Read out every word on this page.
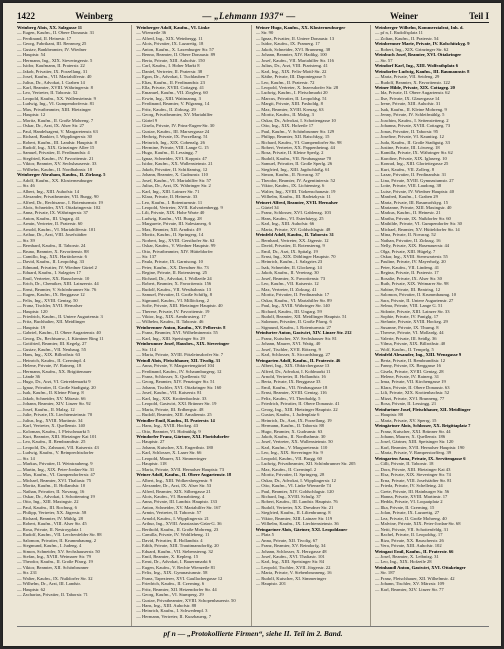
1422	Weinberg	— „Lehmann 1937“ —	Weiner	Teil I
Weinberg Alois, XX. Salzgasse 11
— Eugen, Kaufm., II. Obere Donaustr. 31
— Ferdinand, II. Heinestr. 17
— Georg, Fabrikant, III. Rennweg 25
— Gustav, Bankbeamter, IV. Wiedner
— Hauptstr. 54
— Hermann, Ing., XIX. Sieveringerstr. 5
— Isidor, Kaufmann, II. Praterstr. 22
— Jakob, Privatier, IX. Porzellang. 31
— Josef, Kaufm., VII. Mariahilferstr. 40
— Julius, Dr., Advokat, I. Graben 14
— Karl, Beamter, XVIII. Währingerstr. 8
— Leo, Vertreter, II. Taborstr. 52
— Leopold, Kaufm., XX. Wallensteinstr. 9
— Ludwig, Ing., VI. Gumpendorferstr. 81
— Max, Privatbeamter, XIII. Hietzinger
— Hauptstr. 12
— Moritz, Kaufm., II. Große Mohreng. 7
— Oskar, Dr., Arzt, IX. Alser Str. 27
— Paul, Handelsagent, V. Margaretenstr. 63
— Richard, Bankier, I. Wipplingerstr. 30
— Robert, Kaufm., III. Landstr. Hauptstr. 8
— Rudolf, Ing., XIX. Grinzinger Allee 15
— Samuel, Privatier, II. Ferdinandstr. 4
— Siegfried, Kaufm., IV. Favoritenstr. 21
— Viktor, Beamter, XV. Sechshauserstr. 33
— Wilhelm, Kaufm., II. Nordbahnstr. 18
Weinberger Abraham, Kaufm., II. Zirkusg. 5
— Adolf, Kaufm., XX. Klosterneuburger
— Str. 46
— Albert, Ing., XIII. Auhofstr. 14
— Alexander, Privatbeamter, VII. Burgg. 90
— Alfred, Dr., Rechtsanw., I. Rotenturmstr. 19
— Alois, Schneider, XVI. Ottakringerstr. 102
— Anna, Private, IX. Währingerstr. 37
— Anton, Kaufm., III. Ungarg. 41
— Armin, Vertreter, II. Praterstr. 60
— Arnold, Kaufm., VI. Mariahilferstr. 101
— Arthur, Dr., Arzt, VIII. Josefstädter
— Str. 39
— Bernhard, Kaufm., II. Taborstr. 24
— Bruno, Beamter, X. Favoritenstr. 88
— Camillo, Ing., XIX. Hartäckerstr. 6
— David, Kaufm., II. Leopoldsg. 33
— Edmund, Privatier, IV. Wiedner Gürtel 2
— Eduard, Kaufm., I. Salzgries 17
— Emil, Vertreter, XX. Rauscherstr. 10
— Erich, Dr., Chemiker, XIII. Lainzerstr. 44
— Ernst, Beamter, V. Schönbrunner Str. 76
— Eugen, Kaufm., IX. Berggasse 12
— Felix, Ing., XVIII. Gentzg. 50
— Franz, Tischler, XVII. Hernalser
— Hauptstr. 120
— Friedrich, Kaufm., II. Untere Augartenstr. 3
— Fritz, Buchhalter, XII. Meidlinger
— Hauptstr. 19
— Gabriel, Kaufm., II. Obere Augartenstr. 40
— Georg, Dr., Rechtsanw., I. Kärntner Ring 11
— Gottfried, Beamter, III. Kegelg. 27
— Gustav, Kaufm., VII. Neubaug. 55
— Hans, Ing., XIX. Billrothstr. 63
— Heinrich, Kaufm., II. Czerninpl. 4
— Helene, Private, IV. Rainerg. 18
— Hermann, Kaufm., XX. Brigittenauer
— Lände 36
— Hugo, Dr., Arzt, VI. Getreidemarkt 9
— Ignaz, Privatier, II. Große Stadtgutg. 20
— Isak, Kaufm., II. Kleine Pfarrg. 8
— Jakob, Schneider, XV. Märzstr. 66
— Johann, Beamter, XIV. Linzer Str. 92
— Josef, Kaufm., II. Malzg. 12
— Julie, Private, IX. Liechtensteinstr. 70
— Julius, Ing., XVIII. Martinstr. 34
— Karl, Vertreter, X. Quellenstr. 140
— Koloman, Kaufm., I. Fleischmarkt 5
— Kurt, Beamter, XIII. Hietzinger Kai 101
— Leo, Kaufm., II. Rembrandtstr. 25
— Leopold, Dr., Zahnarzt, VII. Kaiserstr. 43
— Ludwig, Kaufm., V. Reinprechtsdorfer
— Str. 14
— Markus, Privatier, II. Weintraubeng. 9
— Martin, Ing., XIX. Peter-Jordan-Str. 31
— Max, Kaufm., VI. Gumpendorferstr. 47
— Michael, Beamter, XVI. Thaliastr. 75
— Moritz, Kaufm., II. Hollandstr. 10
— Nathan, Privatier, II. Novarag. 16
— Oskar, Dr., Advokat, I. Schottenring 19
— Otto, Ing., XIII. Maxingstr. 22
— Paul, Kaufm., III. Rochusg. 6
— Philipp, Vertreter, XX. Jägerstr. 58
— Richard, Beamter, IV. Mühlg. 28
— Robert, Kaufm., VIII. Alser Str. 45
— Rosa, Private, II. Nestroyplatz 1
— Rudolf, Kaufm., VII. Lerchenfelder Str. 88
— Salomon, Privatier, II. Krummbaumg. 2
— Siegmund, Kaufm., I. Judeng. 4
— Simon, Schneider, XV. Sechshauserstr. 50
— Stefan, Ing., XVIII. Weimarer Str. 79
— Theodor, Kaufm., II. Große Pfarrg. 19
— Viktor, Beamter, XII. Schönbrunner
— Str. 231
— Walter, Kaufm., IX. Nußdorfer Str. 32
— Wilhelm, Dr., Arzt, III. Landstr.
— Hauptstr. 62
— Zacharias, Privatier, II. Taborstr. 71
Weinberger Adolf, Kaufm., VI. Linke
— Wienzeile 36
— Alfred, Ing., XIX. Weinbergg. 11
— Alois, Privatier, IX. Lazarettg. 18
— Anton, Kaufm., X. Laxenburger Str. 57
— Benno, Beamter, II. Obere Donaustr. 89
— Berta, Private, XIII. Auhofstr. 150
— Carl, Kaufm., I. Hoher Markt 8
— Daniel, Vertreter, II. Praterstr. 38
— Egon, Dr., Advokat, I. Tuchlauben 7
— Elias, Kaufm., II. Ferdinandstr. 23
— Ella, Private, XVIII. Cottageg. 41
— Emanuel, Kaufm., VII. Zieglerg. 60
— Erwin, Ing., XIII. Wattmanng. 3
— Ferdinand, Beamter, V. Pilgramg. 14
— Fritz, Kaufm., II. Zirkusg. 29
— Georg, Privatbeamter, XV. Mariahilfer
— Gürtel 9
— Gisela, Private, IV. Prinz-Eugen-Str. 30
— Gustav, Kaufm., III. Marxergasse 24
— Hedwig, Private, IX. Porzellang. 51
— Heinrich, Ing., XIX. Cobenzlg. 26
— Hermine, Private, VIII. Lange G. 15
— Hugo, Kaufm., II. Lessingg. 7
— Ignaz, Schneider, XVI. Koppstr. 47
— Isidor, Kaufm., XX. Wallensteinstr. 21
— Jakob, Privatier, II. Schiffamtsg. 12
— Johann, Beamter, X. Gudrunstr. 110
— Josef, Kaufm., VI. Mariahilfer Str. 57
— Julius, Dr., Arzt, IX. Währinger Str. 2
— Karl, Ing., XIII. Lainzer Str. 71
— Klara, Private, II. Heinestr. 33
— Leo, Kaufm., I. Rotenturmstr. 11
— Leopold, Vertreter, XVII. Kalvarienbergg. 9
— Lili, Private, XIX. Hohe Warte 40
— Ludwig, Kaufm., VII. Burgg. 28
— Margarete, Private, III. Salesianerg. 6
— Max, Beamter, XII. Arndtstr. 49
— Moritz, Kaufm., II. Springerg. 14
— Norbert, Ing., XVIII. Gersthofer Str. 62
— Oskar, Kaufm., V. Wiedner Hauptstr. 99
— Otto, Privatbeamter, XIV. Hütteldorfer
— Str. 137
— Paula, Private, IX. Garnisong. 10
— Peter, Kaufm., XX. Dresdner Str. 73
— Regine, Private, II. Rotensterng. 25
— Richard, Dr., Advokat, I. Wollzeile 24
— Robert, Beamter, X. Favoritenstr. 156
— Rudolf, Kaufm., VII. Westbahnstr. 13
— Samuel, Privatier, II. Große Schiffg. 8
— Sigmund, Kaufm., VI. Millöckerg. 2
— Sofie, Private, XIII. Hietzinger Hauptstr. 40
— Therese, Private, IV. Favoritenstr. 19
— Viktor, Ing., XIX. Armbrusterg. 17
— Wilhelm, Kaufm., II. Taborstr. 46
Weinbrenner Anton, Kaufm., XV. Felberstr. 8
— Franz, Beamter, XVI. Wilhelminenstr. 55
— Karl, Ing., XIII. Speisinger Str. 29
Weinbrunner Josef, Hausbes., XIX. Sieveringer
— Str. 114
— Maria, Private, XVIII. Pötzleinsdorfer Str. 7
Weindl Alois, Fleischhauer, XII. Tivolig. 31
— Anna, Private, V. Margaretengürtel 104
— Ferdinand, Kaufm., IV. Schaumburgerg. 12
— Franz, Schlosser, X. Quellenstr. 92
— Georg, Beamter, XIV. Penzinger Str. 51
— Johann, Tischler, XVI. Ottakringer Str. 160
— Josef, Kaufm., VII. Kaiserstr. 81
— Karl, Ing., XIX. Krottenbachstr. 33
— Leopold, Gastwirt, XXI. Brünner Str. 19
— Maria, Private, III. Erdbergstr. 48
— Rudolf, Beamter, XIII. Amalienstr. 25
Weindler Emil, Kaufm., II. Praterstr. 14
— Hans, Ing., XVIII. Hockeg. 43
— Otto, Beamter, VI. Hofmühlg. 9
Weindorfer Franz, Gärtner, XXI. Floridsdorfer
— Hauptstr. 27
— Johann, Kutscher, XX. Engerthstr. 180
— Karl, Schlosser, X. Laaer Str. 66
— Leopold, Maurer, XI. Simmeringer
— Hauptstr. 118
— Maria, Private, XVII. Hernalser Hauptstr. 73
Weiner Adolf, Kaufm., II. Obere Augartenstr. 18
— Albert, Ing., XIII. Wolkersbergenstr. 9
— Alexander, Dr., Arzt, IX. Alser Str. 53
— Alfred, Beamter, XIX. Silbergasse 21
— Alois, Kaufm., VI. Barnabiteng. 4
— Anna, Private, III. Landstr. Hauptstr. 133
— Anton, Schneider, XV. Mariahilfer Str. 167
— Armin, Vertreter, II. Taborstr. 57
— Arnold, Kaufm., I. Wipplingerstr. 21
— Arthur, Ing., XVIII. Anastasius-Grün-G. 36
— Berthold, Kaufm., II. Große Mohreng. 23
— Camilla, Private, IV. Wohllebeng. 11
— David, Privatier, II. Hollandstr. 4
— Edith, Private, XIII. Trauttmansdorffg. 20
— Eduard, Kaufm., VII. Siebensterng. 32
— Emil, Beamter, X. Keplerg. 15
— Ernst, Dr., Advokat, I. Bauernmarkt 6
— Eugen, Kaufm., V. Rechte Wienzeile 81
— Felix, Ing., XIX. Gymnasiumstr. 58
— Franz, Tapezierer, XVI. Gaullachergasse 12
— Friedrich, Kaufm., II. Czerning. 6
— Fritz, Beamter, XII. Hetzendorfer Str. 44
— Georg, Kaufm., VI. Stumperg. 29
— Gustav, Privatbeamter, XVIII. Schopenhauerstr. 50
— Hans, Ing., XIII. Auhofstr. 88
— Heinrich, Kaufm., I. Schwedenpl. 3
— Hermann, Vertreter, II. Kurzbauerg. 7
Weiner Hugo, Kaufm., XX. Klosterneuburger
— Str. 90
— Ignaz, Privatier, II. Untere Donaustr. 13
— Isidor, Kaufm., IX. Pramerg. 17
— Jakob, Schneider, XVI. Brunneng. 38
— Johann, Beamter, XIV. Hadikg. 100
— Josef, Kaufm., VII. Mariahilfer Str. 116
— Julius, Dr., Arzt, VIII. Piaristeng. 41
— Karl, Ing., XIX. Felix-Mottl-Str. 22
— Käthe, Private, III. Dapontegasse 5
— Leo, Kaufm., II. Praterstr. 72
— Leopold, Vertreter, X. Inzersdorfer Str. 28
— Ludwig, Kaufm., I. Fleischmarkt 20
— Marcus, Privatier, II. Leopoldsg. 51
— Margit, Private, XIII. Fasholdg. 8
— Max, Beamter, XVIII. Kreuzg. 63
— Moritz, Kaufm., II. Malzg. 3
— Oskar, Dr., Advokat, I. Schottengasse 10
— Otto, Ing., XIX. Hofzeile 17
— Paul, Kaufm., V. Schönbrunner Str. 129
— Philipp, Beamter, XII. Ratschkyg. 15
— Richard, Kaufm., VI. Gumpendorfer Str. 98
— Robert, Vertreter, XX. Pappenheimg. 44
— Rosa, Private, II. Kleine Sperlg. 2
— Rudolf, Kaufm., VII. Neubaugasse 70
— Samuel, Privatier, II. Große Sperlg. 26
— Siegfried, Ing., XIII. Jagdschloßg. 61
— Simon, Kaufm., II. Novarag. 37
— Theodor, Beamter, IV. Argentinierstr. 52
— Viktor, Kaufm., IX. Lichtensteg. 6
— Walter, Ing., XVIII. Türkenschanzstr. 19
— Wilhelm, Kaufm., III. Radetzkystr. 11
Weinert Alfred, Beamter, XVII. Hernalser
— Gürtel 34
— Franz, Schlosser, XVI. Gablenzg. 103
— Hans, Kaufm., VI. Esterházyg. 25
— Karl, Ing., XIII. Auhofstr. 66
— Maria, Private, XV. Goldschlagstr. 48
Weinfeld Adolf, Kaufm., II. Taborstr. 31
— Bernhard, Vertreter, XX. Jägerstr. 12
— David, Privatier, II. Rotensterng. 9
— Emil, Dr., Arzt, IX. Spitalg. 19
— Ernst, Ing., XIX. Döblinger Hauptstr. 70
— Heinrich, Kaufm., I. Salzgries 23
— Isak, Schneider, II. Glockeng. 14
— Jakob, Kaufm., II. Vereinsg. 30
— Josef, Beamter, X. Favoritenstr. 73
— Leo, Kaufm., VII. Kaiserstr. 12
— Max, Vertreter, II. Zirkusg. 41
— Moritz, Privatier, II. Ferdinandstr. 17
— Oskar, Kaufm., VI. Mariahilfer Str. 89
— Paul, Ing., XVIII. Währinger Str. 140
— Richard, Kaufm., III. Ungarg. 59
— Rudolf, Beamter, XII. Meidlinger Hauptstr. 51
— Salomon, Privatier, II. Große Pfarrg. 6
— Sigmund, Kaufm., I. Rotenturmstr. 27
Weinfurter Anton, Gastwirt, XIV. Linzer Str. 212
— Franz, Kutscher, XV. Sechshauser Str. 81
— Johann, Maurer, XVI. Wattg. 40
— Josef, Tischler, XVII. Rötzerg. 9
— Karl, Schlosser, X. Siccardsburgg. 27
Weingarten Adolf, Kaufm., II. Praterstr. 46
— Albert, Ing., XIX. Obkirchergasse 13
— Alfred, Dr., Advokat, I. Kohlmarkt 11
— Arnold, Vertreter, II. Hollandstr. 16
— Berta, Private, IX. Berggasse 33
— Emil, Kaufm., VII. Neubaugasse 18
— Ernst, Beamter, XVIII. Gentzg. 116
— Felix, Kaufm., VI. Theobaldg. 5
— Friedrich, Privatier, II. Obere Donaustr. 41
— Georg, Ing., XIII. Hietzinger Hauptstr. 22
— Gustav, Kaufm., I. Judenplatz 6
— Heinrich, Dr., Arzt, IX. Porzellang. 19
— Hermann, Kaufm., II. Taborstr. 88
— Hugo, Beamter, X. Gudrunstr. 63
— Jakob, Kaufm., II. Nordbahnstr. 30
— Josef, Vertreter, XX. Wallensteinstr. 50
— Karl, Kaufm., V. Margaretenstr. 110
— Leo, Ing., XIX. Sieveringer Str. 9
— Leopold, Kaufm., VII. Burgg. 60
— Ludwig, Privatbeamter, XII. Schönbrunner Str. 205
— Max, Kaufm., II. Czerninpl. 2
— Moritz, Privatier, II. Springerg. 28
— Oskar, Dr., Advokat, I. Wipplingerstr. 12
— Otto, Kaufm., VI. Linke Wienzeile 74
— Paul, Beamter, XIV. Goldschlagstr. 120
— Richard, Ing., XVIII. Schulg. 37
— Robert, Kaufm., III. Landstr. Hauptstr. 76
— Rudolf, Vertreter, XX. Dresdner Str. 21
— Siegfried, Kaufm., II. Lilienbrunng. 8
— Viktor, Beamter, XIII. Lainzer Str. 119
— Wilhelm, Kaufm., IX. Liechtensteinstr. 36
Weingartner Alois, Gärtner, XXI. Leopoldauer
— Platz 5
— Anna, Private, XII. Tivolig. 67
— Franz, Beamter, XV. Reindorfg. 34
— Johann, Schlosser, X. Herzgasse 48
— Josef, Kaufm., XVI. Thaliastr. 101
— Karl, Ing., XIII. Speisinger Str. 84
— Leopold, Tischler, XVII. Jörgerstr. 22
— Maria, Private, V. Siebenbrunneng. 16
— Rudolf, Kutscher, XI. Simmeringer
— Hauptstr. 201
Weinberger Wilhelm, Kommerzialrat, Inh. d.
— pf n, I. Rudolfsplatz 11
— Zoltan, Kaufm., II. Praterstr. 54
Weinbrenner Marie, Private, IV. Kolschitzkyg. 9
— Robert, Ing., XIX. Grinzinger Str. 62
Weinbuch Josef, Beamter, XVI. Ottakringer
— Str. 57
Weindorf Karl, Ing., XIII. Wolfrathplatz 6
Weindorfer Ludwig, Kaufm., III. Baumannstr. 8
— Maria, Private, VII. Seideng. 29
— Rudolf, Beamter, X. Favoritenstr. 122
Weiner Hilde, Private, XIX. Cottageg. 20
— Ida, Private, II. Obere Augartenstr. 62
— Ilse, Private, IX. Glasergasse 14
— Irene, Private, XIII. Auhofstr. 31
— Isak, Kaufm., II. Kleine Mohreng. 9
— Jenny, Private, IV. Schleifmühlg. 5
— Joachim, Kaufm., I. Seitenstetteng. 2
— Johanna, Private, XVIII. Cottageg. 73
— Jonas, Privatier, II. Taborstr. 95
— Josefine, Private, VI. Kaunitzg. 12
— Juda, Kaufm., II. Große Stadtgutg. 33
— Justine, Private, III. Löweng. 18
— Kamilla, Private, IX. Währinger Str. 62
— Karoline, Private, XIX. Iglaseeg. 10
— Konrad, Ing., XIII. Gloriettegasse 25
— Kurt, Kaufm., VII. Zollerg. 8
— Lazar, Privatier, II. Ferdinandstr. 31
— Lina, Private, XVIII. Gymnasiumstr. 27
— Lotte, Private, VIII. Laudong. 38
— Luise, Private, IV. Wiedner Hauptstr. 40
— Manfred, Kaufm., I. Graben 29
— Maria, Private, III. Rasumofskyg. 15
— Marianne, Private, XIII. Maxingstr. 40
— Markus, Kaufm., II. Heinestr. 21
— Martha, Private, IX. Nußdorfer Str. 60
— Mathilde, Private, VI. Gumpendorfer Str. 30
— Michael, Beamter, XV. Hütteldorfer Str. 14
— Mina, Private, II. Novarag. 52
— Nathan, Privatier, II. Zirkusg. 16
— Nelly, Private, XIX. Hasenauerstr. 44
— Olga, Private, XIII. Hügelg. 7
— Oskar, Ing., XVIII. Sternwartestr. 55
— Pauline, Private, IV. Mayerhofg. 20
— Peter, Kaufm., VII. Lindeng. 41
— Regina, Private, II. Praterstr. 17
— Rosalie, Private, IX. Alser Str. 30
— Ruth, Private, XIX. Weimarer Str. 98
— Sabine, Private, III. Beatrixg. 12
— Salomon, Privatier, II. Krummbaumg. 10
— Sara, Private, II. Untere Augartenstr. 27
— Selma, Private, VIII. Lange G. 51
— Sidonie, Private, XIII. Lainzer Str. 33
— Sophie, Private, IV. Paniglg. 17
— Stefanie, Private, XVIII. Hockeg. 29
— Susanne, Private, IX. Thurng. 8
— Therese, Private, VI. Mollardg. 44
— Valerie, Private, III. Seidlg. 36
— Vilma, Private, XIX. Billrothstr. 40
— Wolf, Kaufm., II. Tempelg. 5
Weinfeld Alexander, Ing., XIII. Wenzgasse 9
— Berta, Private, II. Rembrandtstr. 12
— Fanny, Private, IX. Berggasse 16
— Gisela, Private, XVIII. Gentzg. 28
— Helene, Private, IV. Rainerg. 31
— Irma, Private, VII. Kirchengasse 19
— Klara, Private, II. Obere Donaustr. 63
— Lili, Private, XIX. Krottenbachstr. 52
— Mizzi, Private, XVI. Brunneng. 77
— Rosa, Private, II. Lessingg. 21
Weinfurtner Josef, Fleischhauer, XII. Meidlinger
— Hauptstr. 88
— Maria, Private, XV. Sperrg. 15
Weingärtner Alois, Schlosser, XX. Brigittaplatz 7
— Franz, Kutscher, XXI. Brünner Str. 44
— Johann, Maurer, X. Quellenstr. 186
— Josef, Gärtner, XIII. Speisinger Str. 120
— Karl, Beamter, XVII. Hernalser Hauptstr. 190
— Maria, Private, V. Ramperstorfferg. 39
Weingarten Anna, Private, IX. Servitengasse 6
— Cilli, Private, II. Taborstr. 18
— Dora, Private, XIII. Hietzinger Kai 43
— Elsa, Private, XIX. Sieveringer Str. 74
— Erna, Private, VIII. Josefstädter Str. 81
— Frieda, Private, IV. Schelleing. 24
— Grete, Private, III. Hainburger Str. 56
— Hanna, Private, XVIII. Martinstr. 17
— Hedda, Private, VI. Loquaiplatz 2
— Ilka, Private, II. Czerning. 15
— Jolan, Private, IX. Lazarettg. 27
— Lea, Private, II. Große Mohreng. 40
— Malvine, Private, XIX. Peter-Jordan-Str. 68
— Netti, Private, VII. Schottenfeldg. 31
— Rachel, Private, II. Leopoldsg. 17
— Riza, Private, XX. Rauscherstr. 26
— Vera, Private, XIII. Auhofstr. 102
Weingast Emil, Kaufm., II. Praterstr. 66
— Josef, Beamter, X. Leibnizg. 31
— Leo, Ing., XIX. Hofzeile 28
Weinhandl Anton, Gastwirt, XVI. Ottakringer
— Str. 187
— Franz, Fleischhauer, XII. Wilhelmstr. 42
— Johann, Tischler, XV. Märzstr. 109
— Karl, Beamter, XIV. Linzer Str. 77
pf n — „Protokollierte Firmen“, siehe II. Teil im 2. Band.
